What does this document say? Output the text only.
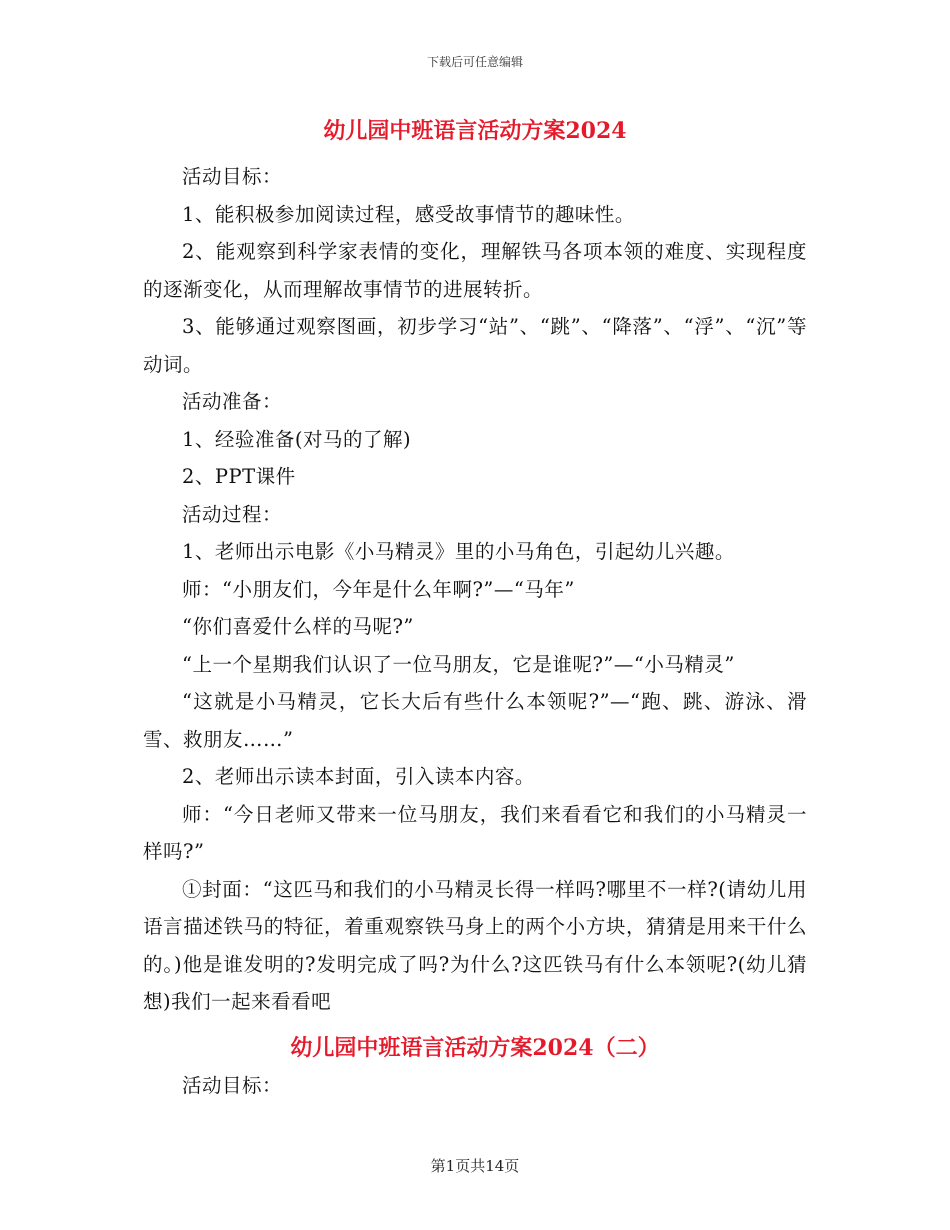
下载后可任意编辑
幼儿园中班语言活动方案2024

活动目标：

1、能积极参加阅读过程，感受故事情节的趣味性。

2、能观察到科学家表情的变化，理解铁马各项本领的难度、实现程度的逐渐变化，从而理解故事情节的进展转折。

3、能够通过观察图画，初步学习“站”、“跳”、“降落”、“浮”、“沉”等动词。

活动准备：

1、经验准备(对马的了解)

2、PPT课件

活动过程：

1、老师出示电影《小马精灵》里的小马角色，引起幼儿兴趣。

师：“小朋友们，今年是什么年啊?”—“马年”

“你们喜爱什么样的马呢?”

“上一个星期我们认识了一位马朋友，它是谁呢?”—“小马精灵”

“这就是小马精灵，它长大后有些什么本领呢?”—“跑、跳、游泳、滑雪、救朋友……”

2、老师出示读本封面，引入读本内容。

师：“今日老师又带来一位马朋友，我们来看看它和我们的小马精灵一样吗?”

①封面：“这匹马和我们的小马精灵长得一样吗?哪里不一样?(请幼儿用语言描述铁马的特征，着重观察铁马身上的两个小方块，猜猜是用来干什么的。)他是谁发明的?发明完成了吗?为什么?这匹铁马有什么本领呢?(幼儿猜想)我们一起来看看吧

幼儿园中班语言活动方案2024（二）

活动目标：

第1页共14页
